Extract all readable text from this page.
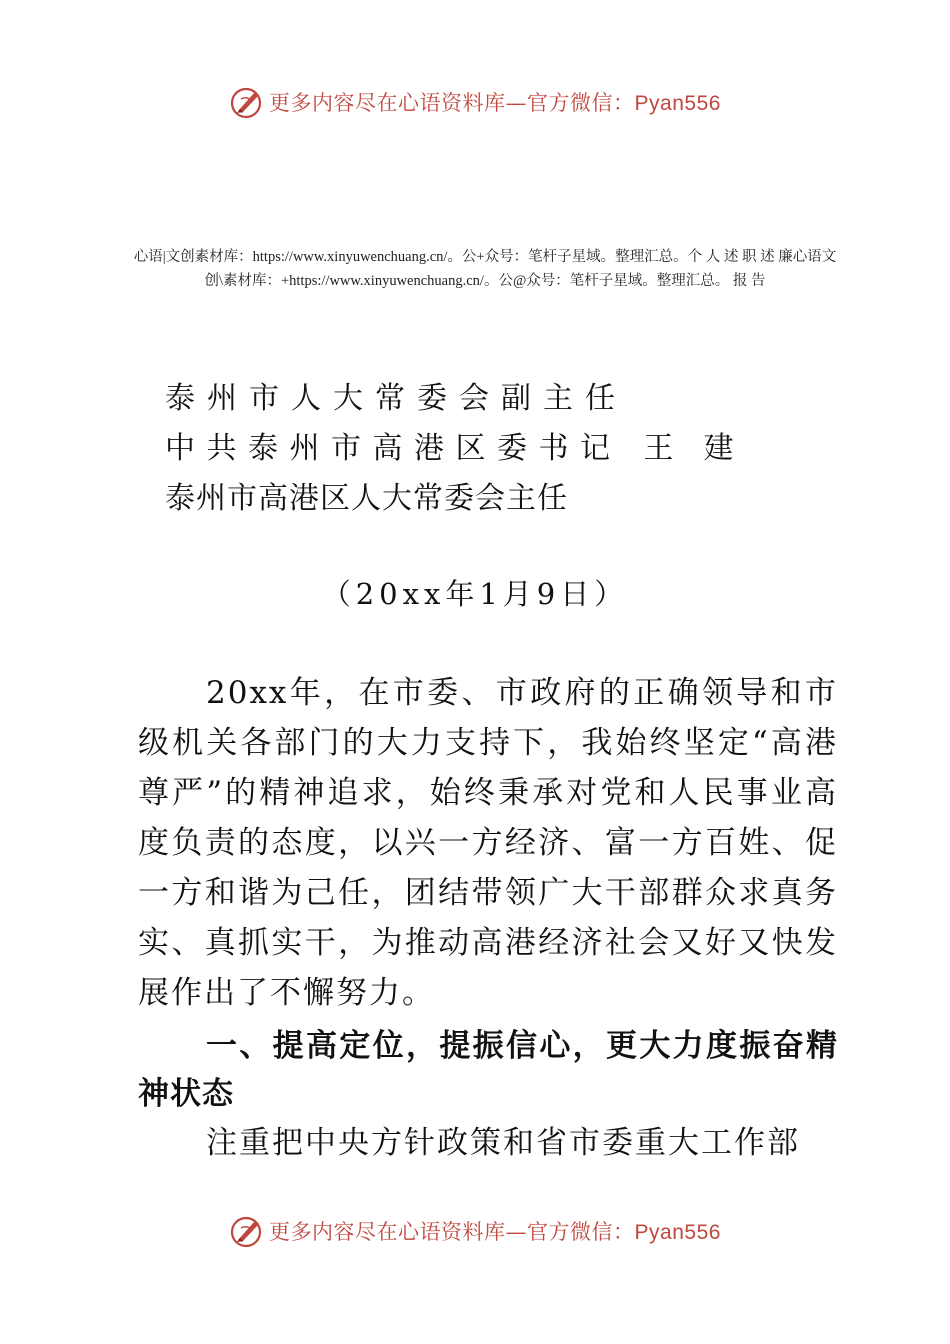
更多内容尽在心语资料库—官方微信：Pyan556
心语|文创素材库：https://www.xinyuwenchuang.cn/。公+众号：笔杆子星域。整理汇总。个 人 述 职 述 廉心语文创\素材库：+https://www.xinyuwenchuang.cn/。公@众号：笔杆子星域。整理汇总。 报 告
泰州市人大常委会副主任
中共泰州市高港区委书记 王建
泰州市高港区人大常委会主任
（20xx年1月9日）

20xx年，在市委、市政府的正确领导和市级机关各部门的大力支持下，我始终坚定“高港尊严”的精神追求，始终秉承对党和人民事业高度负责的态度，以兴一方经济、富一方百姓、促一方和谐为己任，团结带领广大干部群众求真务实、真抓实干，为推动高港经济社会又好又快发展作出了不懈努力。

一、提高定位，提振信心，更大力度振奋精神状态

注重把中央方针政策和省市委重大工作部

更多内容尽在心语资料库—官方微信：Pyan556
